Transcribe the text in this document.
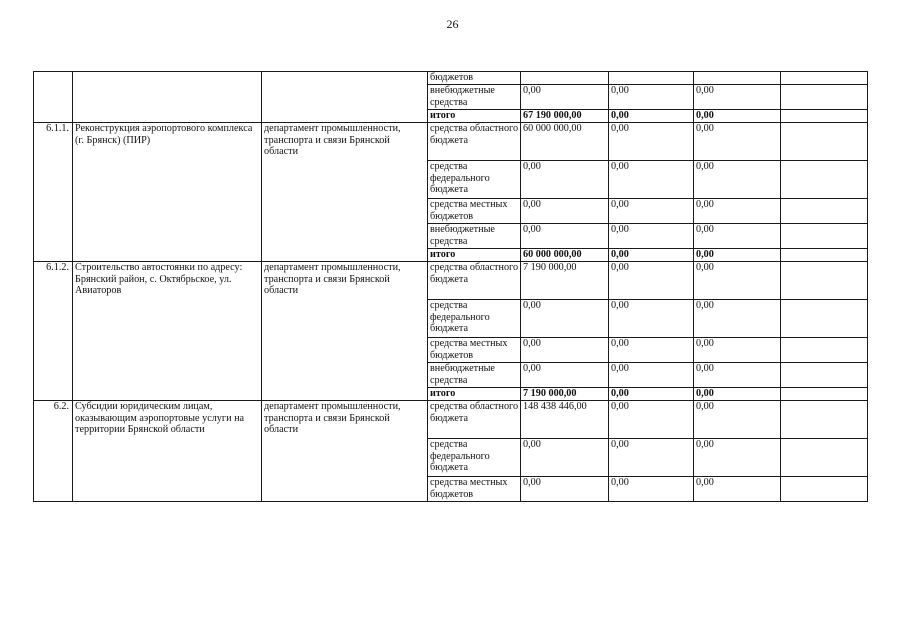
26
			бюджетов				
			внебюджетные средства	0,00	0,00	0,00	
			итого	67 190 000,00	0,00	0,00	
6.1.1.	Реконструкция аэропортового комплекса (г. Брянск) (ПИР)	департамент промышленности, транспорта и связи Брянской области	средства областного бюджета	60 000 000,00	0,00	0,00	
			средства федерального бюджета	0,00	0,00	0,00	
			средства местных бюджетов	0,00	0,00	0,00	
			внебюджетные средства	0,00	0,00	0,00	
			итого	60 000 000,00	0,00	0,00	
6.1.2.	Строительство автостоянки по адресу: Брянский район, с. Октябрьское, ул. Авиаторов	департамент промышленности, транспорта и связи Брянской области	средства областного бюджета	7 190 000,00	0,00	0,00	
			средства федерального бюджета	0,00	0,00	0,00	
			средства местных бюджетов	0,00	0,00	0,00	
			внебюджетные средства	0,00	0,00	0,00	
			итого	7 190 000,00	0,00	0,00	
6.2.	Субсидии юридическим лицам, оказывающим аэропортовые услуги на территории Брянской области	департамент промышленности, транспорта и связи Брянской области	средства областного бюджета	148 438 446,00	0,00	0,00	
			средства федерального бюджета	0,00	0,00	0,00	
			средства местных бюджетов	0,00	0,00	0,00	
